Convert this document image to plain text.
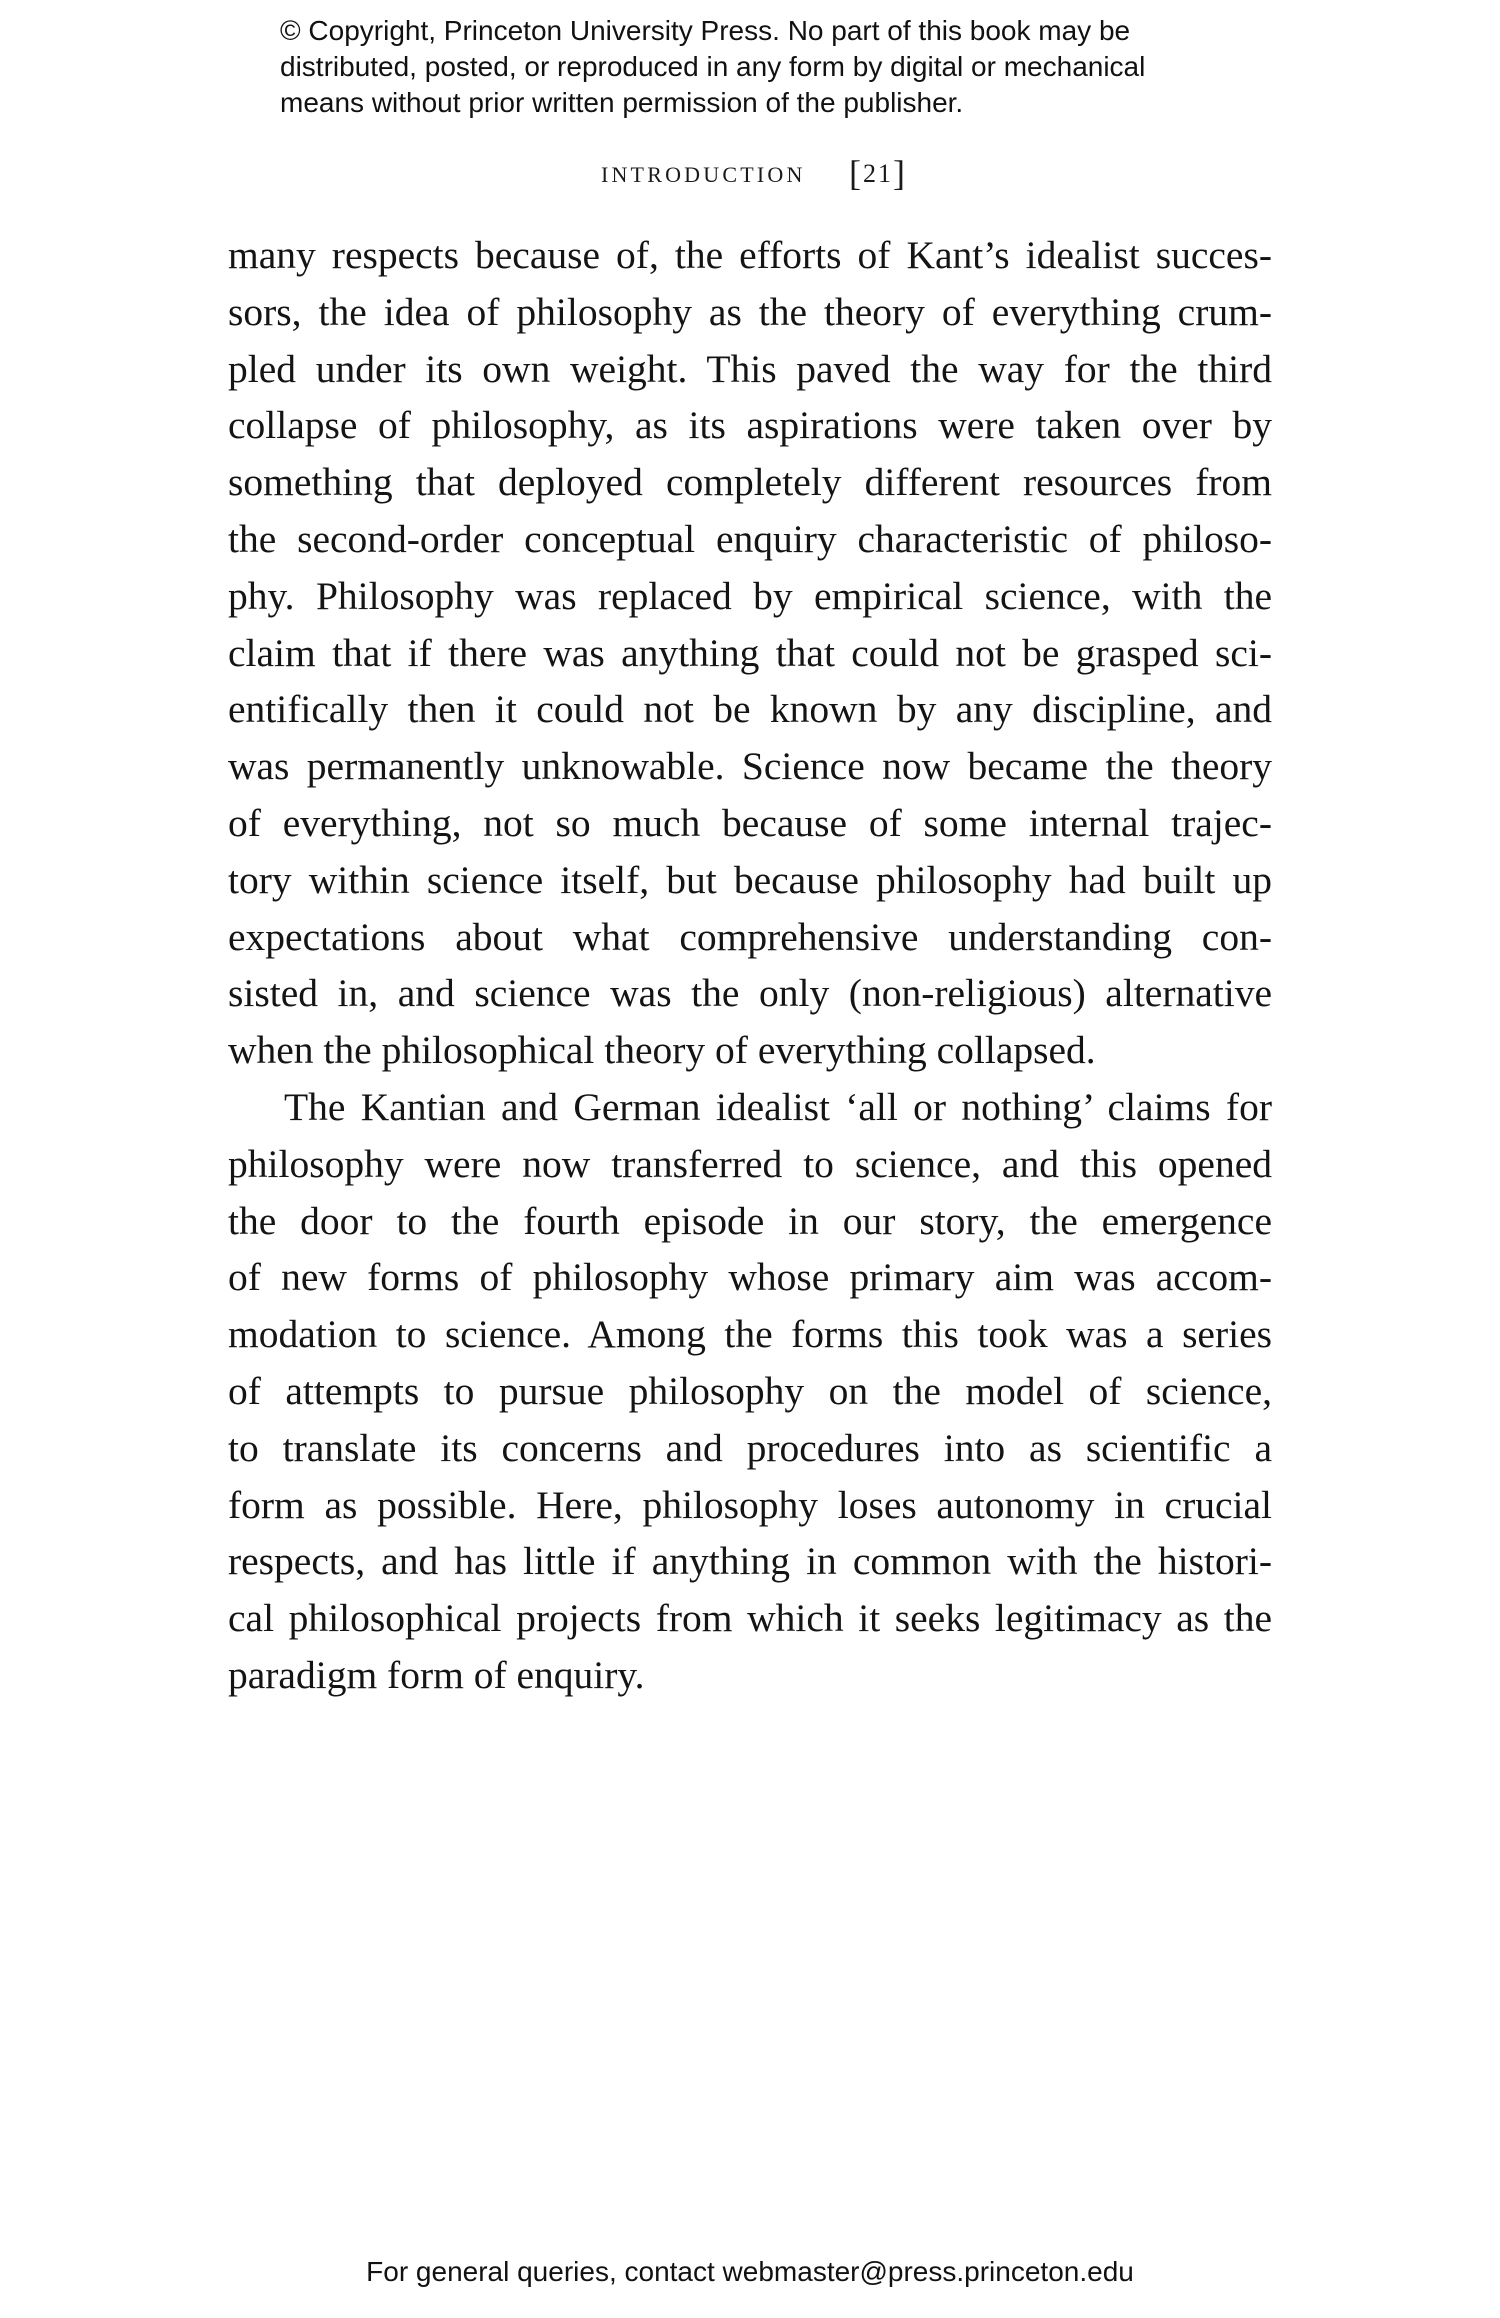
© Copyright, Princeton University Press. No part of this book may be
distributed, posted, or reproduced in any form by digital or mechanical
means without prior written permission of the publisher.
INTRODUCTION [21]

many respects because of, the efforts of Kant’s idealist succes-
sors, the idea of philosophy as the theory of everything crum-
pled under its own weight. This paved the way for the third
collapse of philosophy, as its aspirations were taken over by
something that deployed completely different resources from
the second-order conceptual enquiry characteristic of philoso-
phy. Philosophy was replaced by empirical science, with the
claim that if there was anything that could not be grasped sci-
entifically then it could not be known by any discipline, and
was permanently unknowable. Science now became the theory
of everything, not so much because of some internal trajec-
tory within science itself, but because philosophy had built up
expectations about what comprehensive understanding con-
sisted in, and science was the only (non-religious) alternative
when the philosophical theory of everything collapsed.

The Kantian and German idealist ‘all or nothing’ claims for
philosophy were now transferred to science, and this opened
the door to the fourth episode in our story, the emergence
of new forms of philosophy whose primary aim was accom-
modation to science. Among the forms this took was a series
of attempts to pursue philosophy on the model of science,
to translate its concerns and procedures into as scientific a
form as possible. Here, philosophy loses autonomy in crucial
respects, and has little if anything in common with the histori-
cal philosophical projects from which it seeks legitimacy as the
paradigm form of enquiry.

For general queries, contact webmaster@press.princeton.edu
